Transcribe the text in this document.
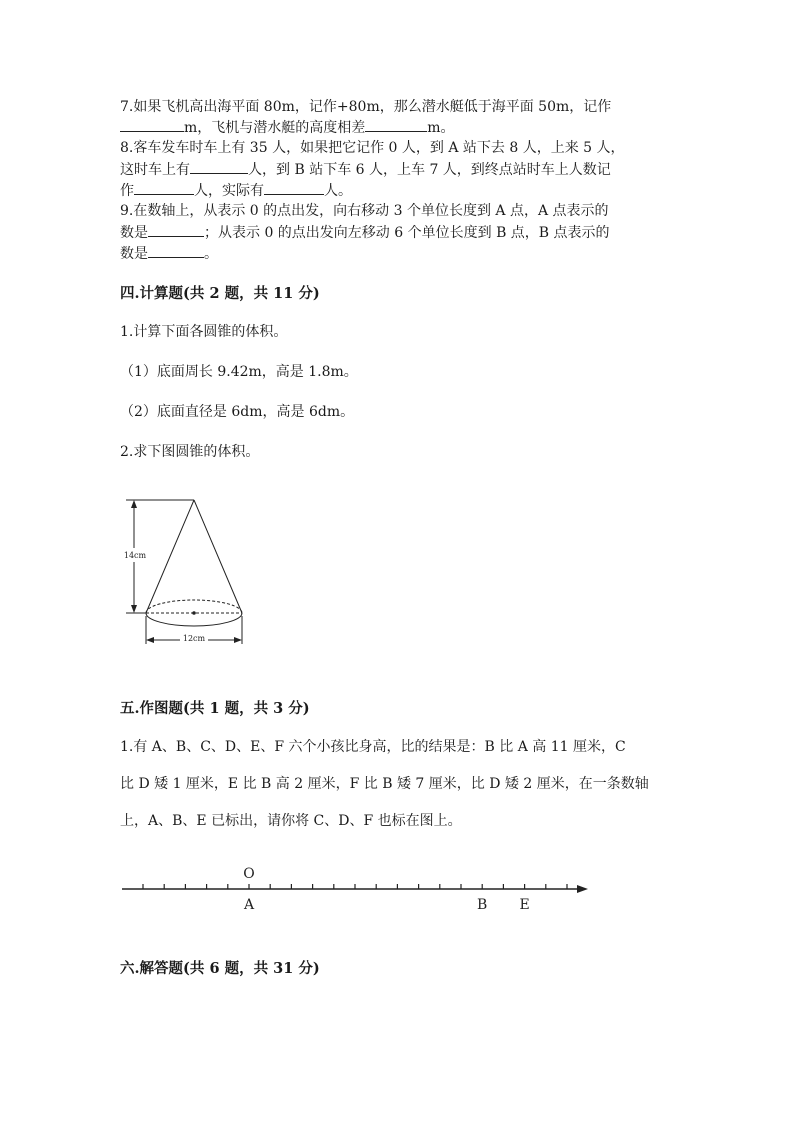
7.如果飞机高出海平面 80m，记作+80m，那么潜水艇低于海平面 50m，记作
m，飞机与潜水艇的高度相差	m。
8.客车发车时车上有 35 人，如果把它记作 0 人，到 A 站下去 8 人，上来 5 人，
这时车上有	人，到 B 站下车 6 人，上车 7 人，到终点站时车上人数记
作	人，实际有	人。
9.在数轴上，从表示 0 的点出发，向右移动 3 个单位长度到 A 点，A 点表示的
数是	；从表示 0 的点出发向左移动 6 个单位长度到 B 点，B 点表示的
数是	。
四.计算题(共 2 题，共 11 分)
1.计算下面各圆锥的体积。
（1）底面周长 9.42m，高是 1.8m。
（2）底面直径是 6dm，高是 6dm。
2.求下图圆锥的体积。
14cm
12cm
五.作图题(共 1 题，共 3 分)
1.有 A、B、C、D、E、F 六个小孩比身高，比的结果是：B 比 A 高 11 厘米，C
比 D 矮 1 厘米，E 比 B 高 2 厘米，F 比 B 矮 7 厘米，比 D 矮 2 厘米，在一条数轴
上，A、B、E 已标出，请你将 C、D、F 也标在图上。
O
A	B E
六.解答题(共 6 题，共 31 分)
